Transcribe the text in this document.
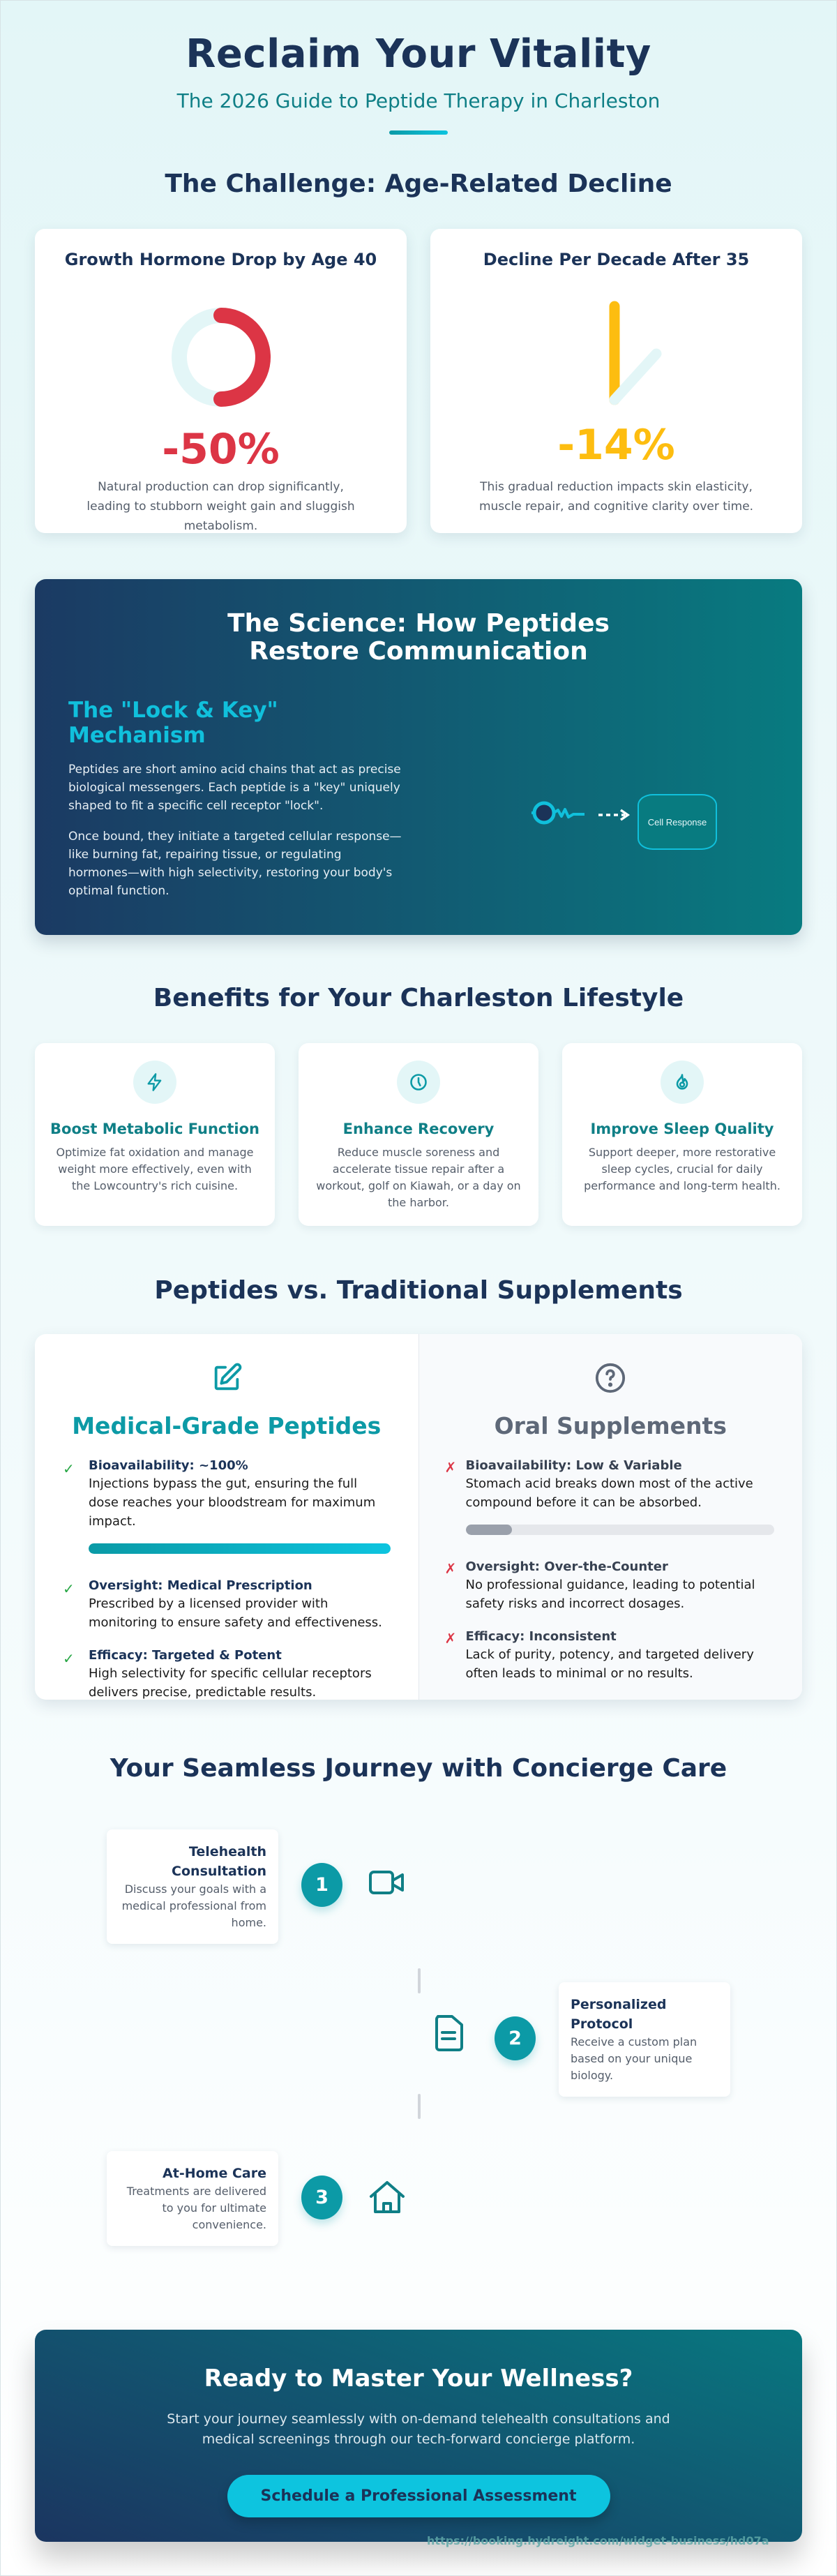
Reclaim Your Vitality
The 2026 Guide to Peptide Therapy in Charleston
The Challenge: Age-Related Decline
Growth Hormone Drop by Age 40
-50%

Natural production can drop significantly, leading to stubborn weight gain and sluggish metabolism.

Decline Per Decade After 35
-14%

This gradual reduction impacts skin elasticity, muscle repair, and cognitive clarity over time.

The Science: How Peptides Restore Communication
The "Lock & Key" Mechanism

Peptides are short amino acid chains that act as precise biological messengers. Each peptide is a "key" uniquely shaped to fit a specific cell receptor "lock".

Once bound, they initiate a targeted cellular response—like burning fat, repairing tissue, or regulating hormones—with high selectivity, restoring your body's optimal function.

Cell Response
Benefits for Your Charleston Lifestyle
Boost Metabolic Function

Optimize fat oxidation and manage weight more effectively, even with the Lowcountry's rich cuisine.

Enhance Recovery

Reduce muscle soreness and accelerate tissue repair after a workout, golf on Kiawah, or a day on the harbor.

Improve Sleep Quality

Support deeper, more restorative sleep cycles, crucial for daily performance and long-term health.

Peptides vs. Traditional Supplements
Medical-Grade Peptides
✓ Bioavailability: ~100%
Injections bypass the gut, ensuring the full dose reaches your bloodstream for maximum impact.
✓ Oversight: Medical Prescription
Prescribed by a licensed provider with monitoring to ensure safety and effectiveness.
✓ Efficacy: Targeted & Potent
High selectivity for specific cellular receptors delivers precise, predictable results.
Oral Supplements
✗ Bioavailability: Low & Variable
Stomach acid breaks down most of the active compound before it can be absorbed.
✗ Oversight: Over-the-Counter
No professional guidance, leading to potential safety risks and incorrect dosages.
✗ Efficacy: Inconsistent
Lack of purity, potency, and targeted delivery often leads to minimal or no results.
Your Seamless Journey with Concierge Care
Telehealth Consultation

Discuss your goals with a medical professional from home.

1
2
Personalized Protocol

Receive a custom plan based on your unique biology.

At-Home Care

Treatments are delivered to you for ultimate convenience.

3
Ready to Master Your Wellness?

Start your journey seamlessly with on-demand telehealth consultations and medical screenings through our tech-forward concierge platform.

Schedule a Professional Assessment
https://booking.hydreight.com/widget-business/hd07a
